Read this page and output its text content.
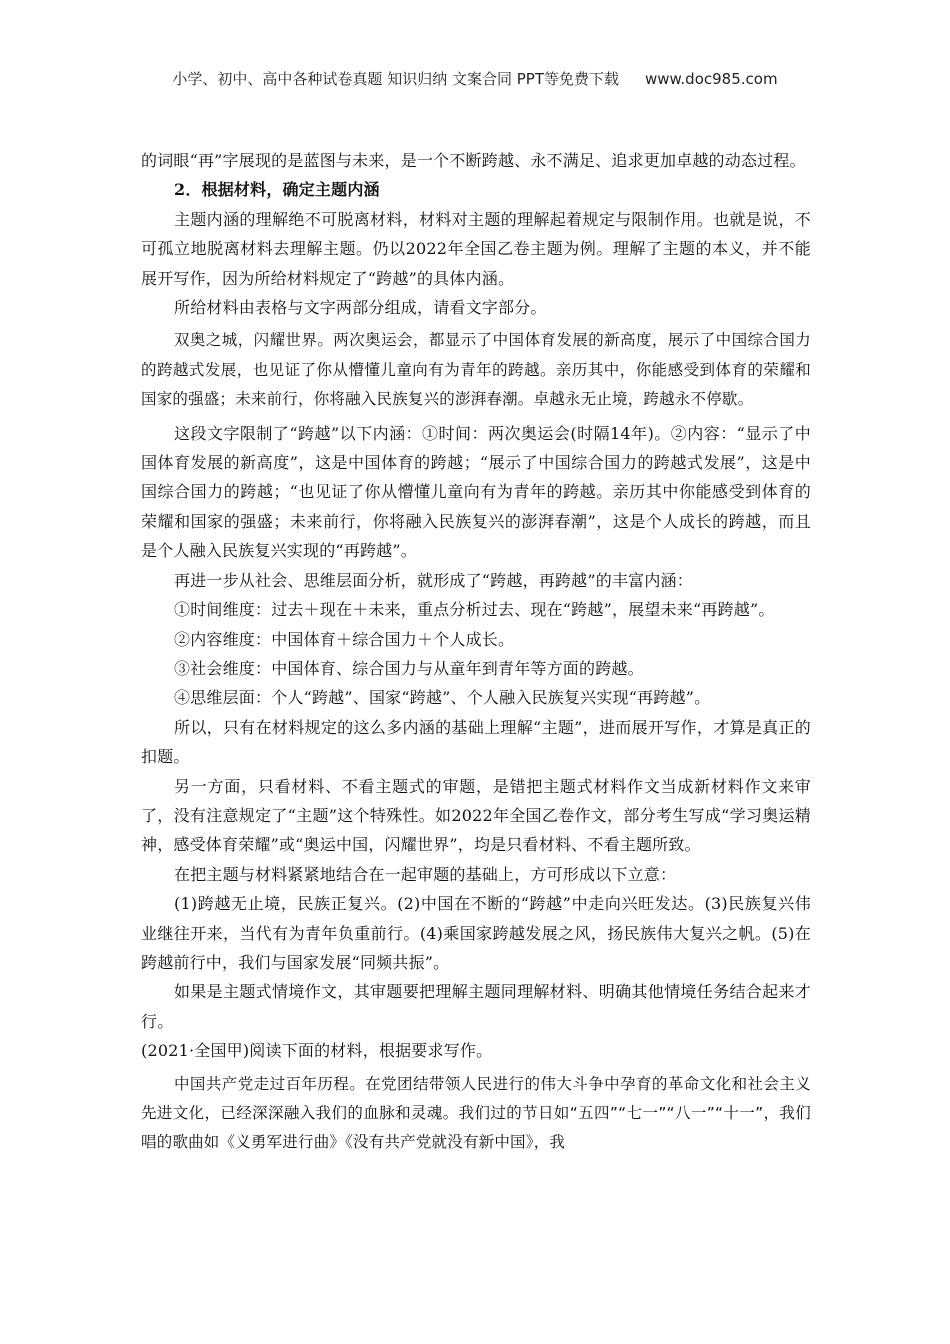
小学、初中、高中各种试卷真题 知识归纳 文案合同 PPT等免费下载 www.doc985.com

的词眼“再”字展现的是蓝图与未来，是一个不断跨越、永不满足、追求更加卓越的动态过程。

2．根据材料，确定主题内涵

主题内涵的理解绝不可脱离材料，材料对主题的理解起着规定与限制作用。也就是说，不可孤立地脱离材料去理解主题。仍以2022年全国乙卷主题为例。理解了主题的本义，并不能展开写作，因为所给材料规定了“跨越”的具体内涵。

所给材料由表格与文字两部分组成，请看文字部分。

双奥之城，闪耀世界。两次奥运会，都显示了中国体育发展的新高度，展示了中国综合国力的跨越式发展，也见证了你从懵懂儿童向有为青年的跨越。亲历其中，你能感受到体育的荣耀和国家的强盛；未来前行，你将融入民族复兴的澎湃春潮。卓越永无止境，跨越永不停歇。

这段文字限制了“跨越”以下内涵：①时间：两次奥运会(时隔14年)。②内容：“显示了中国体育发展的新高度”，这是中国体育的跨越；“展示了中国综合国力的跨越式发展”，这是中国综合国力的跨越；“也见证了你从懵懂儿童向有为青年的跨越。亲历其中你能感受到体育的荣耀和国家的强盛；未来前行，你将融入民族复兴的澎湃春潮”，这是个人成长的跨越，而且是个人融入民族复兴实现的“再跨越”。

再进一步从社会、思维层面分析，就形成了“跨越，再跨越”的丰富内涵：

①时间维度：过去＋现在＋未来，重点分析过去、现在“跨越”，展望未来“再跨越”。

②内容维度：中国体育＋综合国力＋个人成长。

③社会维度：中国体育、综合国力与从童年到青年等方面的跨越。

④思维层面：个人“跨越”、国家“跨越”、个人融入民族复兴实现“再跨越”。

所以，只有在材料规定的这么多内涵的基础上理解“主题”，进而展开写作，才算是真正的扣题。

另一方面，只看材料、不看主题式的审题，是错把主题式材料作文当成新材料作文来审了，没有注意规定了“主题”这个特殊性。如2022年全国乙卷作文，部分考生写成“学习奥运精神，感受体育荣耀”或“奥运中国，闪耀世界”，均是只看材料、不看主题所致。

在把主题与材料紧紧地结合在一起审题的基础上，方可形成以下立意：

(1)跨越无止境，民族正复兴。(2)中国在不断的“跨越”中走向兴旺发达。(3)民族复兴伟业继往开来，当代有为青年负重前行。(4)乘国家跨越发展之风，扬民族伟大复兴之帆。(5)在跨越前行中，我们与国家发展“同频共振”。

如果是主题式情境作文，其审题要把理解主题同理解材料、明确其他情境任务结合起来才行。

(2021·全国甲)阅读下面的材料，根据要求写作。

中国共产党走过百年历程。在党团结带领人民进行的伟大斗争中孕育的革命文化和社会主义先进文化，已经深深融入我们的血脉和灵魂。我们过的节日如“五四”“七一”“八一”“十一”，我们唱的歌曲如《义勇军进行曲》《没有共产党就没有新中国》，我
